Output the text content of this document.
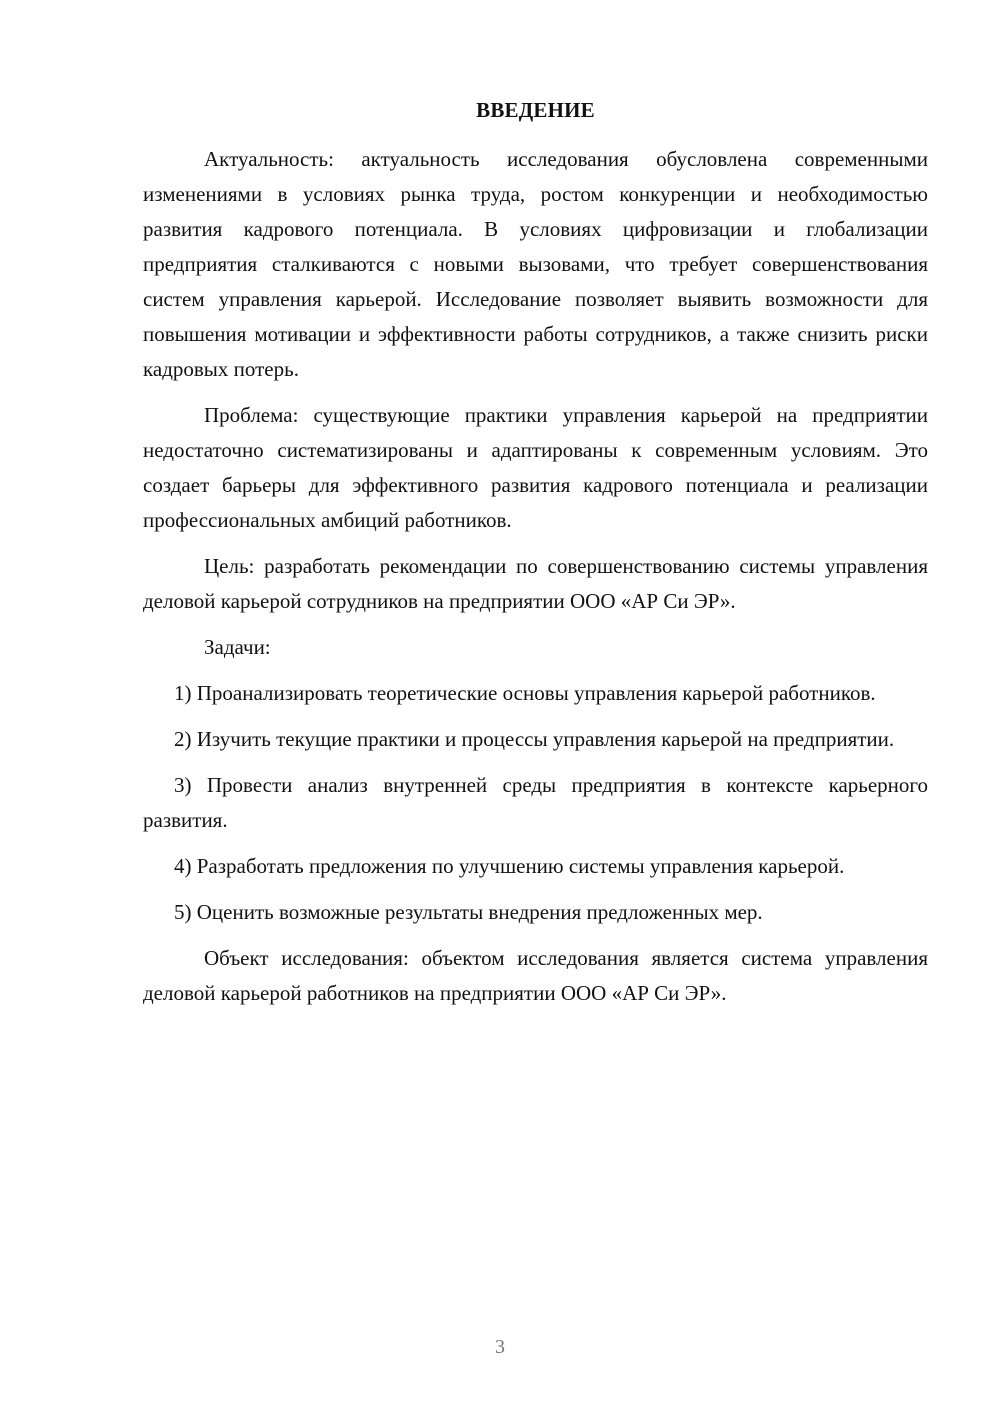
ВВЕДЕНИЕ

Актуальность: актуальность исследования обусловлена современными изменениями в условиях рынка труда, ростом конкуренции и необходимостью развития кадрового потенциала. В условиях цифровизации и глобализации предприятия сталкиваются с новыми вызовами, что требует совершенствования систем управления карьерой. Исследование позволяет выявить возможности для повышения мотивации и эффективности работы сотрудников, а также снизить риски кадровых потерь.

Проблема: существующие практики управления карьерой на предприятии недостаточно систематизированы и адаптированы к современным условиям. Это создает барьеры для эффективного развития кадрового потенциала и реализации профессиональных амбиций работников.

Цель: разработать рекомендации по совершенствованию системы управления деловой карьерой сотрудников на предприятии ООО «АР Си ЭР».

Задачи:

1) Проанализировать теоретические основы управления карьерой работников.

2) Изучить текущие практики и процессы управления карьерой на предприятии.

3) Провести анализ внутренней среды предприятия в контексте карьерного развития.

4) Разработать предложения по улучшению системы управления карьерой.

5) Оценить возможные результаты внедрения предложенных мер.

Объект исследования: объектом исследования является система управления деловой карьерой работников на предприятии ООО «АР Си ЭР».

3
